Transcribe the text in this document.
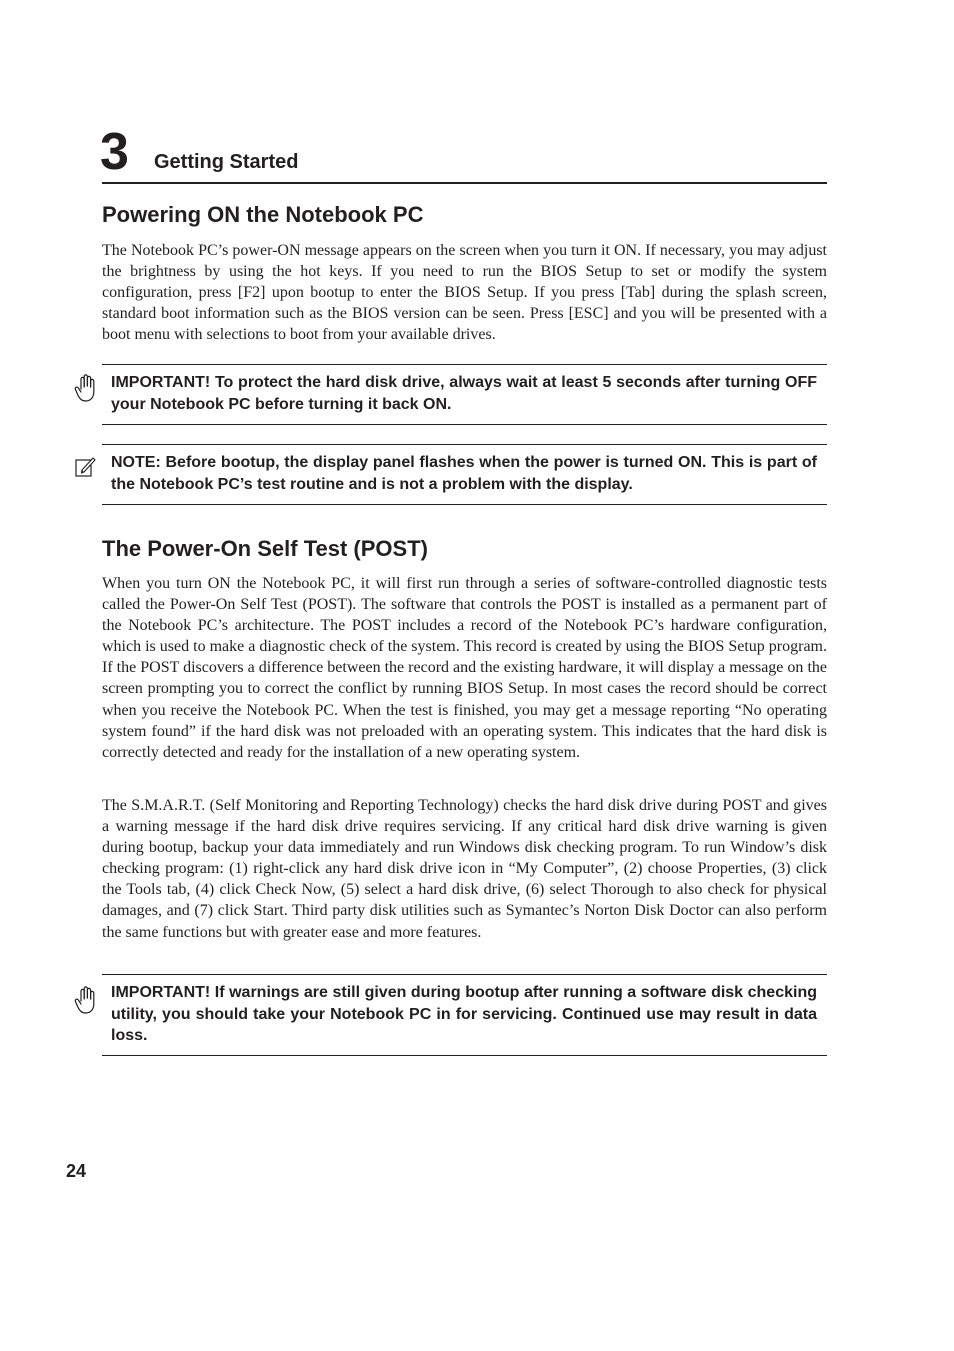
3 Getting Started
Powering ON the Notebook PC

The Notebook PC’s power-ON message appears on the screen when you turn it ON. If necessary, you may adjust the brightness by using the hot keys. If you need to run the BIOS Setup to set or modify the system configuration, press [F2] upon bootup to enter the BIOS Setup. If you press [Tab] during the splash screen, standard boot information such as the BIOS version can be seen. Press [ESC] and you will be presented with a boot menu with selections to boot from your available drives.

IMPORTANT! To protect the hard disk drive, always wait at least 5 seconds after turning OFF your Notebook PC before turning it back ON.

NOTE: Before bootup, the display panel flashes when the power is turned ON. This is part of the Notebook PC’s test routine and is not a problem with the display.

The Power-On Self Test (POST)

When you turn ON the Notebook PC, it will first run through a series of software-controlled diagnostic tests called the Power-On Self Test (POST). The software that controls the POST is installed as a permanent part of the Notebook PC’s architecture. The POST includes a record of the Notebook PC’s hardware configuration, which is used to make a diagnostic check of the system. This record is created by using the BIOS Setup program. If the POST discovers a difference between the record and the existing hardware, it will display a message on the screen prompting you to correct the conflict by running BIOS Setup. In most cases the record should be correct when you receive the Notebook PC. When the test is finished, you may get a message reporting “No operating system found” if the hard disk was not preloaded with an operating system. This indicates that the hard disk is correctly detected and ready for the installation of a new operating system.

The S.M.A.R.T. (Self Monitoring and Reporting Technology) checks the hard disk drive during POST and gives a warning message if the hard disk drive requires servicing. If any critical hard disk drive warning is given during bootup, backup your data immediately and run Windows disk checking program. To run Window’s disk checking program: (1) right-click any hard disk drive icon in “My Computer”, (2) choose Properties, (3) click the Tools tab, (4) click Check Now, (5) select a hard disk drive, (6) select Thorough to also check for physical damages, and (7) click Start. Third party disk utilities such as Symantec’s Norton Disk Doctor can also perform the same functions but with greater ease and more features.

IMPORTANT! If warnings are still given during bootup after running a software disk checking utility, you should take your Notebook PC in for servicing. Continued use may result in data loss.

24
